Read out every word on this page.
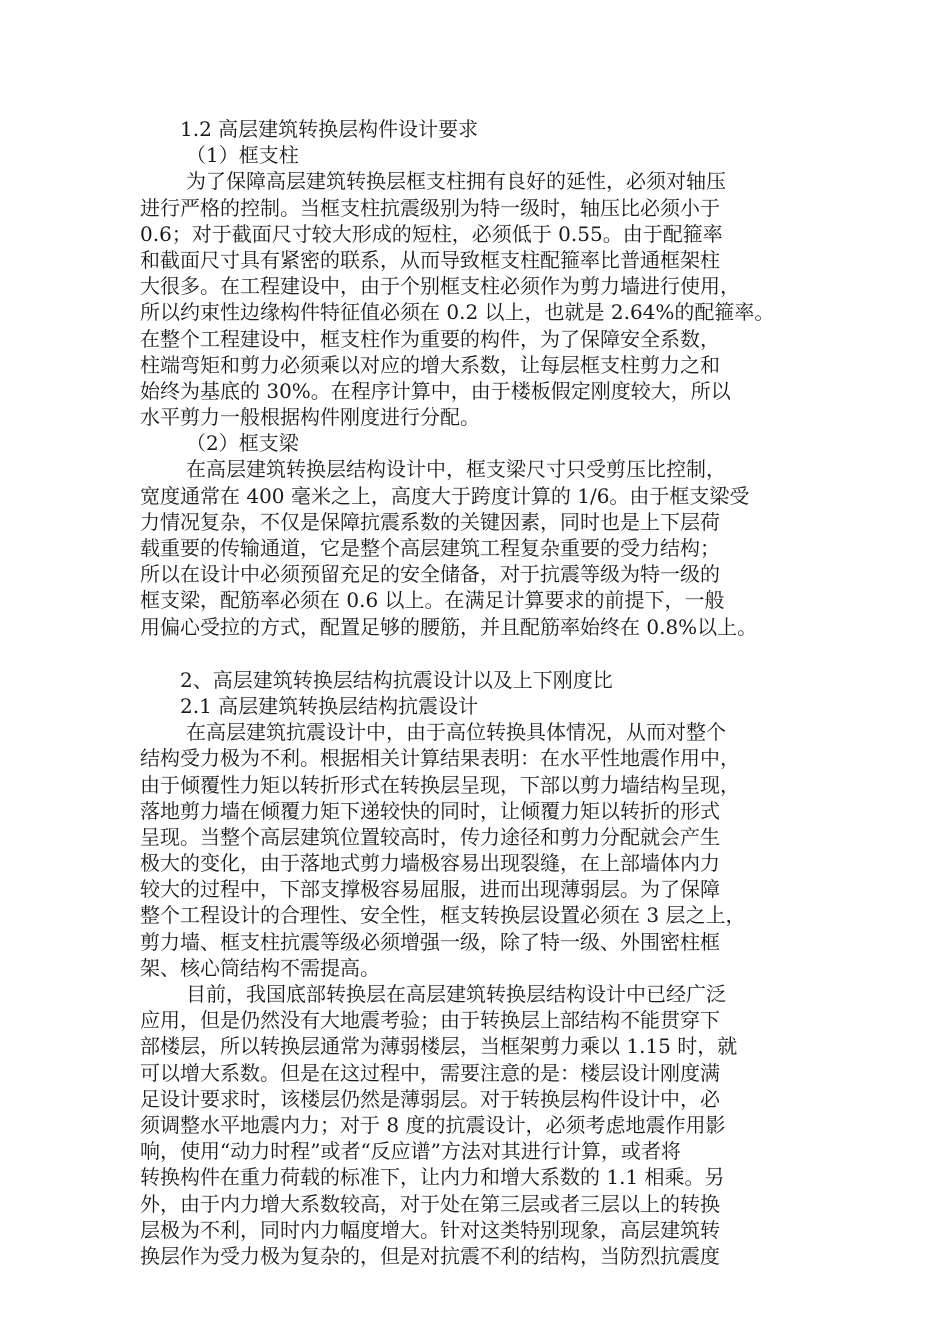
1.2 高层建筑转换层构件设计要求
（1）框支柱
为了保障高层建筑转换层框支柱拥有良好的延性，必须对轴压
进行严格的控制。当框支柱抗震级别为特一级时，轴压比必须小于
0.6；对于截面尺寸较大形成的短柱，必须低于 0.55。由于配箍率
和截面尺寸具有紧密的联系，从而导致框支柱配箍率比普通框架柱
大很多。在工程建设中，由于个别框支柱必须作为剪力墙进行使用，
所以约束性边缘构件特征值必须在 0.2 以上，也就是 2.64%的配箍率。
在整个工程建设中，框支柱作为重要的构件，为了保障安全系数，
柱端弯矩和剪力必须乘以对应的增大系数，让每层框支柱剪力之和
始终为基底的 30%。在程序计算中，由于楼板假定刚度较大，所以
水平剪力一般根据构件刚度进行分配。
（2）框支梁
在高层建筑转换层结构设计中，框支梁尺寸只受剪压比控制，
宽度通常在 400 毫米之上，高度大于跨度计算的 1/6。由于框支梁受
力情况复杂，不仅是保障抗震系数的关键因素，同时也是上下层荷
载重要的传输通道，它是整个高层建筑工程复杂重要的受力结构；
所以在设计中必须预留充足的安全储备，对于抗震等级为特一级的
框支梁，配筋率必须在 0.6 以上。在满足计算要求的前提下，一般
用偏心受拉的方式，配置足够的腰筋，并且配筋率始终在 0.8%以上。
2、高层建筑转换层结构抗震设计以及上下刚度比
2.1 高层建筑转换层结构抗震设计
在高层建筑抗震设计中，由于高位转换具体情况，从而对整个
结构受力极为不利。根据相关计算结果表明：在水平性地震作用中，
由于倾覆性力矩以转折形式在转换层呈现，下部以剪力墙结构呈现，
落地剪力墙在倾覆力矩下递较快的同时，让倾覆力矩以转折的形式
呈现。当整个高层建筑位置较高时，传力途径和剪力分配就会产生
极大的变化，由于落地式剪力墙极容易出现裂缝，在上部墙体内力
较大的过程中，下部支撑极容易屈服，进而出现薄弱层。为了保障
整个工程设计的合理性、安全性，框支转换层设置必须在 3 层之上，
剪力墙、框支柱抗震等级必须增强一级，除了特一级、外围密柱框
架、核心筒结构不需提高。
目前，我国底部转换层在高层建筑转换层结构设计中已经广泛
应用，但是仍然没有大地震考验；由于转换层上部结构不能贯穿下
部楼层，所以转换层通常为薄弱楼层，当框架剪力乘以 1.15 时，就
可以增大系数。但是在这过程中，需要注意的是：楼层设计刚度满
足设计要求时，该楼层仍然是薄弱层。对于转换层构件设计中，必
须调整水平地震内力；对于 8 度的抗震设计，必须考虑地震作用影
响，使用“动力时程”或者“反应谱”方法对其进行计算，或者将
转换构件在重力荷载的标准下，让内力和增大系数的 1.1 相乘。另
外，由于内力增大系数较高，对于处在第三层或者三层以上的转换
层极为不利，同时内力幅度增大。针对这类特别现象，高层建筑转
换层作为受力极为复杂的，但是对抗震不利的结构，当防烈抗震度
